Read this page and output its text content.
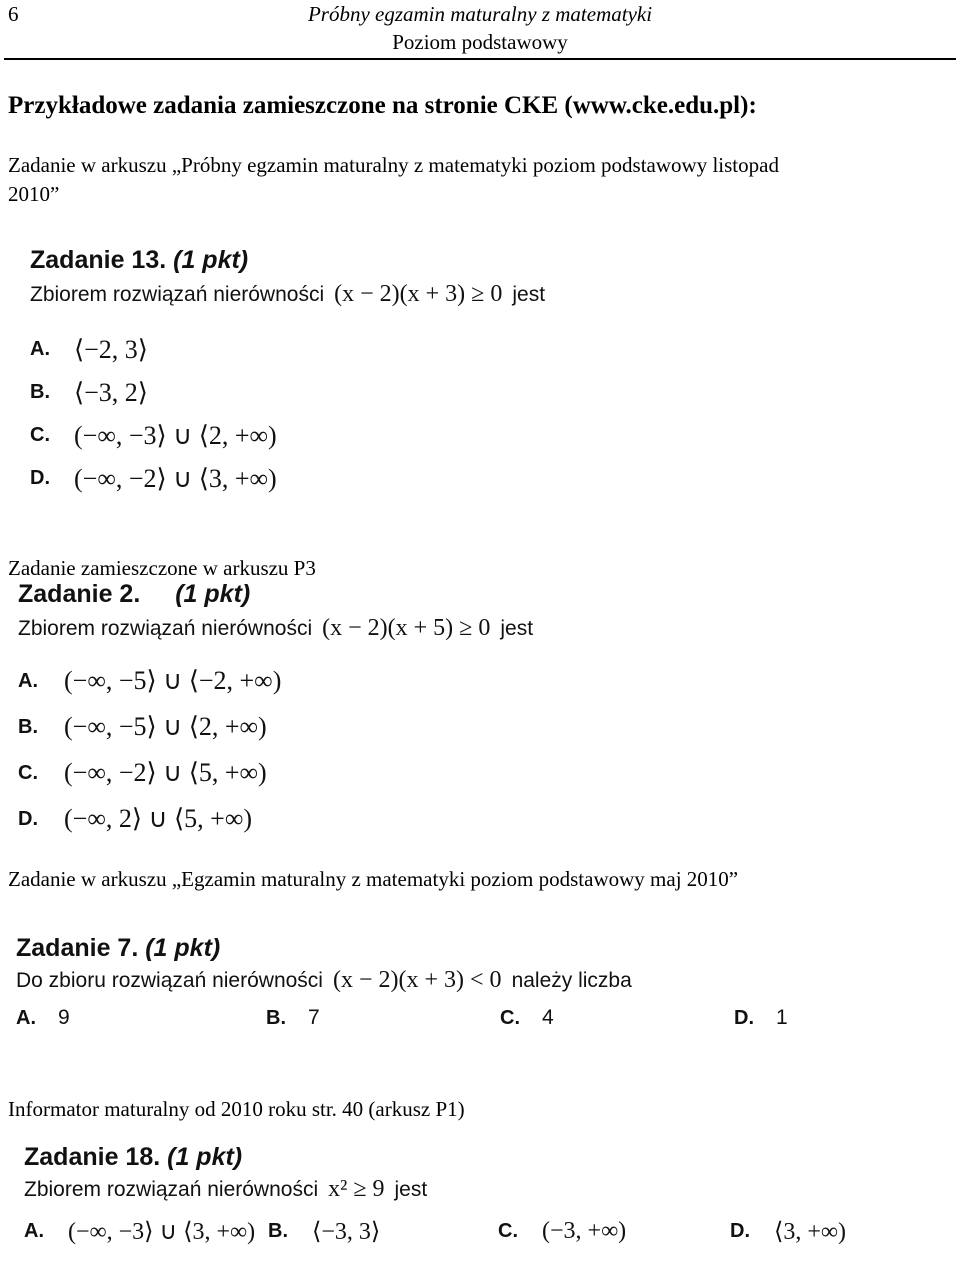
6	Próbny egzamin maturalny z matematyki
Poziom podstawowy
Przykładowe zadania zamieszczone na stronie CKE (www.cke.edu.pl):
Zadanie w arkuszu „Próbny egzamin maturalny z matematyki poziom podstawowy listopad
2010”
Zadanie 13. (1 pkt)
Zbiorem rozwiązań nierówności (x − 2)(x + 3) ≥ 0 jest
A. ⟨−2, 3⟩
B. ⟨−3, 2⟩
C. (−∞, −3⟩ ∪ ⟨2, +∞)
D. (−∞, −2⟩ ∪ ⟨3, +∞)
Zadanie zamieszczone w arkuszu P3
Zadanie 2. (1 pkt)
Zbiorem rozwiązań nierówności (x − 2)(x + 5) ≥ 0 jest
A.	(−∞, −5⟩ ∪ ⟨−2, +∞)
B.	(−∞, −5⟩ ∪ ⟨2, +∞)
C.	(−∞, −2⟩ ∪ ⟨5, +∞)
D.	(−∞, 2⟩ ∪ ⟨5, +∞)
Zadanie w arkuszu „Egzamin maturalny z matematyki poziom podstawowy maj 2010”
Zadanie 7. (1 pkt)
Do zbioru rozwiązań nierówności (x − 2)(x + 3) < 0 należy liczba
A.	9	B.	7	C.	4	D.	1
Informator maturalny od 2010 roku str. 40 (arkusz P1)
Zadanie 18. (1 pkt)
Zbiorem rozwiązań nierówności x² ≥ 9 jest
A.	(−∞, −3⟩ ∪ ⟨3, +∞) B.	⟨−3, 3⟩	C.	(−3, +∞)	D.	⟨3, +∞)
